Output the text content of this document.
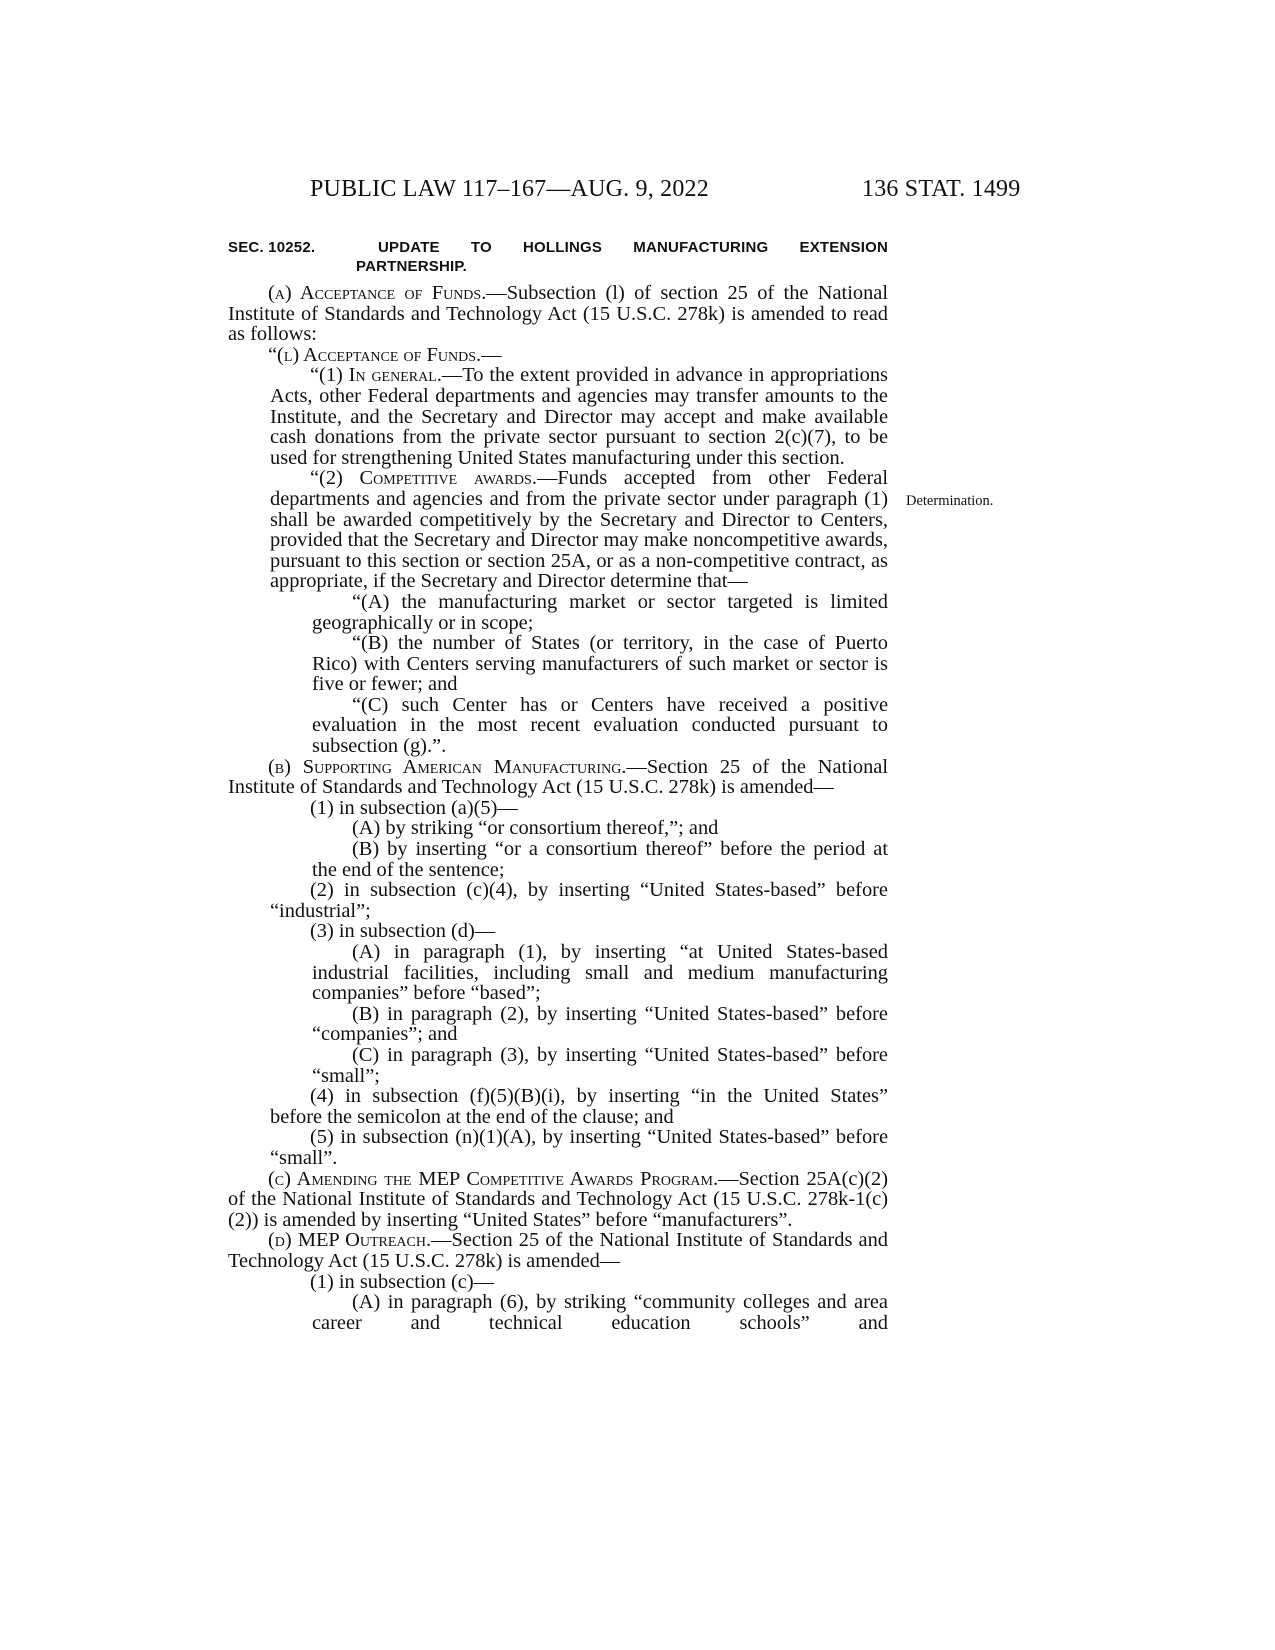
PUBLIC LAW 117–167—AUG. 9, 2022	136 STAT. 1499
Determination.
SEC. 10252.	UPDATE TO HOLLINGS MANUFACTURING EXTENSION
PARTNERSHIP.

(a) Acceptance of Funds.—Subsection (l) of section 25 of the National Institute of Standards and Technology Act (15 U.S.C. 278k) is amended to read as follows:

“(l) Acceptance of Funds.—

“(1) In general.—To the extent provided in advance in appropriations Acts, other Federal departments and agencies may transfer amounts to the Institute, and the Secretary and Director may accept and make available cash donations from the private sector pursuant to section 2(c)(7), to be used for strengthening United States manufacturing under this section.

“(2) Competitive awards.—Funds accepted from other Federal departments and agencies and from the private sector under paragraph (1) shall be awarded competitively by the Secretary and Director to Centers, provided that the Secretary and Director may make noncompetitive awards, pursuant to this section or section 25A, or as a non-competitive contract, as appropriate, if the Secretary and Director determine that—

“(A) the manufacturing market or sector targeted is limited geographically or in scope;

“(B) the number of States (or territory, in the case of Puerto Rico) with Centers serving manufacturers of such market or sector is five or fewer; and

“(C) such Center has or Centers have received a positive evaluation in the most recent evaluation conducted pursuant to subsection (g).”.

(b) Supporting American Manufacturing.—Section 25 of the National Institute of Standards and Technology Act (15 U.S.C. 278k) is amended—

(1) in subsection (a)(5)—

(A) by striking “or consortium thereof,”; and

(B) by inserting “or a consortium thereof” before the period at the end of the sentence;

(2) in subsection (c)(4), by inserting “United States-based” before “industrial”;

(3) in subsection (d)—

(A) in paragraph (1), by inserting “at United States-based industrial facilities, including small and medium manufacturing companies” before “based”;

(B) in paragraph (2), by inserting “United States-based” before “companies”; and

(C) in paragraph (3), by inserting “United States-based” before “small”;

(4) in subsection (f)(5)(B)(i), by inserting “in the United States” before the semicolon at the end of the clause; and

(5) in subsection (n)(1)(A), by inserting “United States-based” before “small”.

(c) Amending the MEP Competitive Awards Program.—Section 25A(c)(2) of the National Institute of Standards and Technology Act (15 U.S.C. 278k-1(c)(2)) is amended by inserting “United States” before “manufacturers”.

(d) MEP Outreach.—Section 25 of the National Institute of Standards and Technology Act (15 U.S.C. 278k) is amended—

(1) in subsection (c)—

(A) in paragraph (6), by striking “community colleges and area career and technical education schools” and
